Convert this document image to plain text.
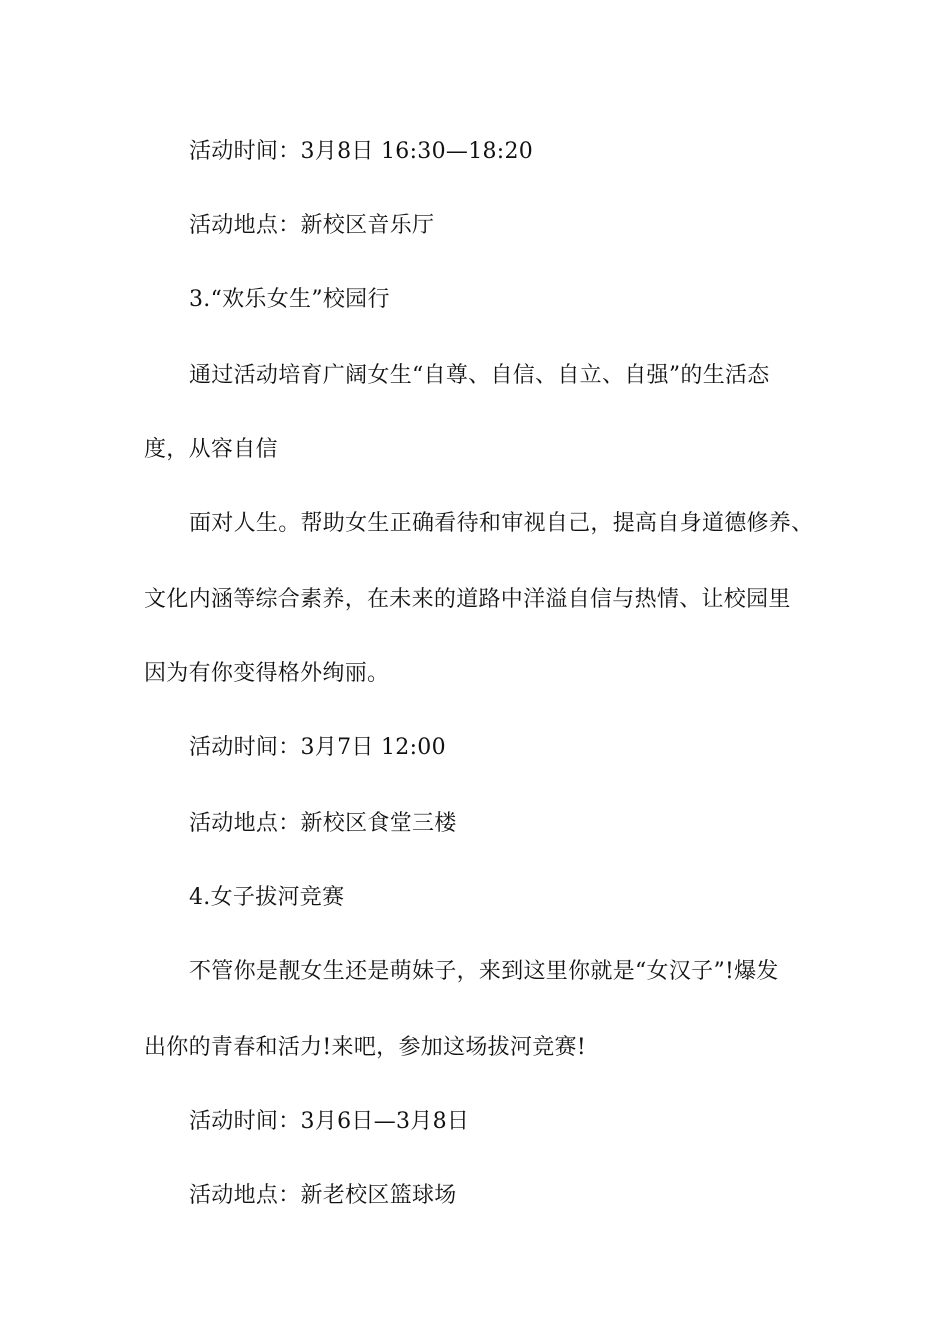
活动时间：3月8日 16:30—18:20
活动地点：新校区音乐厅
3.“欢乐女生”校园行
通过活动培育广阔女生“自尊、自信、自立、自强”的生活态
度，从容自信
面对人生。帮助女生正确看待和审视自己，提高自身道德修养、
文化内涵等综合素养，在未来的道路中洋溢自信与热情、让校园里
因为有你变得格外绚丽。
活动时间：3月7日 12:00
活动地点：新校区食堂三楼
4.女子拔河竞赛
不管你是靓女生还是萌妹子，来到这里你就是“女汉子”!爆发
出你的青春和活力!来吧，参加这场拔河竞赛!
活动时间：3月6日—3月8日
活动地点：新老校区篮球场
